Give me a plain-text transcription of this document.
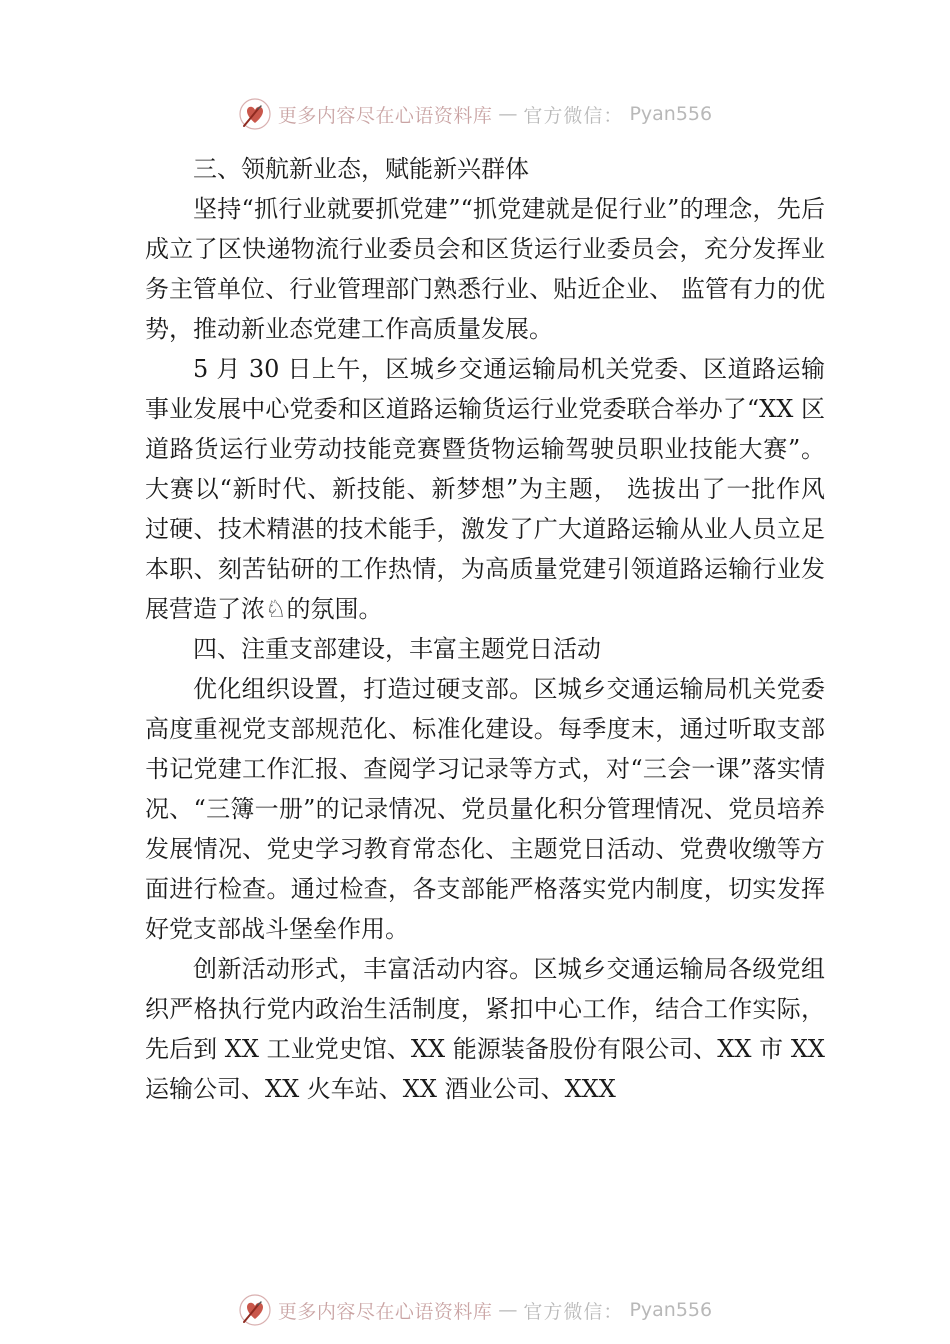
更多内容尽在心语资料库 — 官方微信： Pyan556

三、领航新业态，赋能新兴群体

坚持“抓行业就要抓党建”“抓党建就是促行业”的理念，先后成立了区快递物流行业委员会和区货运行业委员会，充分发挥业务主管单位、行业管理部门熟悉行业、贴近企业、 监管有力的优势，推动新业态党建工作高质量发展。

5 月 30 日上午，区城乡交通运输局机关党委、区道路运输事业发展中心党委和区道路运输货运行业党委联合举办了“XX 区道路货运行业劳动技能竞赛暨货物运输驾驶员职业技能大赛”。大赛以“新时代、新技能、新梦想”为主题， 选拔出了一批作风过硬、技术精湛的技术能手，激发了广大道路运输从业人员立足本职、刻苦钻研的工作热情，为高质量党建引领道路运输行业发展营造了浓♘的氛围。

四、注重支部建设，丰富主题党日活动

优化组织设置，打造过硬支部。区城乡交通运输局机关党委高度重视党支部规范化、标准化建设。每季度末，通过听取支部书记党建工作汇报、查阅学习记录等方式，对“三会一课”落实情况、“三簿一册”的记录情况、党员量化积分管理情况、党员培养发展情况、党史学习教育常态化、主题党日活动、党费收缴等方面进行检查。通过检查，各支部能严格落实党内制度，切实发挥好党支部战斗堡垒作用。

创新活动形式，丰富活动内容。区城乡交通运输局各级党组织严格执行党内政治生活制度，紧扣中心工作，结合工作实际，先后到 XX 工业党史馆、XX 能源装备股份有限公司、XX 市 XX 运输公司、XX 火车站、XX 酒业公司、XXX

更多内容尽在心语资料库 — 官方微信： Pyan556
